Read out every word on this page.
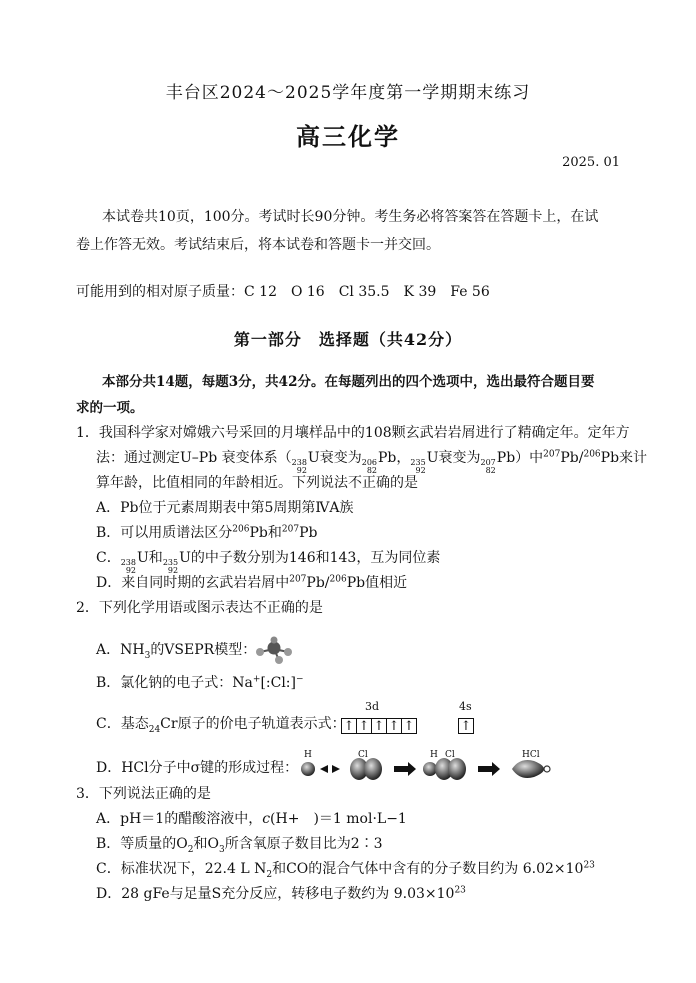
丰台区2024～2025学年度第一学期期末练习
高三化学
2025. 01
本试卷共10页，100分。考试时长90分钟。考生务必将答案答在答题卡上，在试
卷上作答无效。考试结束后，将本试卷和答题卡一并交回。
可能用到的相对原子质量：C 12　O 16　Cl 35.5　K 39　Fe 56
第一部分　选择题（共42分）
本部分共14题，每题3分，共42分。在每题列出的四个选项中，选出最符合题目要
求的一项。
1．我国科学家对嫦娥六号采回的月壤样品中的108颗玄武岩岩屑进行了精确定年。定年方
法：通过测定U–Pb 衰变体系（ 238
92
U衰变为 206
82
Pb， 235
92
U衰变为 207
82
Pb）中$^{207}$Pb/$^{206}$Pb来计
算年龄，比值相同的年龄相近。下列说法不正确的是
A．Pb位于元素周期表中第5周期第ⅣA族
B．可以用质谱法区分$^{206}$Pb和$^{207}$Pb
C． 238
92
U和 235
92
U的中子数分别为146和143，互为同位素
D．来自同时期的玄武岩岩屑中$^{207}$Pb/$^{206}$Pb值相近
2．下列化学用语或图示表达不正确的是
A．$NH_3$的VSEPR模型：
B．氯化钠的电子式：Na+[:Cl:]−
3d	4s
C．基态$_{24}$Cr原子的价电子轨道表示式：
↑ ↑ ↑ ↑ ↑	↑
H	Cl	H Cl	HCl
D．HCl分子中σ键的形成过程：
3．下列说法正确的是
A．pH＝1的醋酸溶液中，c(H+　)＝1 mol·L−1
B．等质量的$O_2$和$O_3$所含氧原子数目比为2∶3
C．标准状况下，22.4 L $N_2$和CO的混合气体中含有的分子数目约为 $6.02\times 10^{23}$
D．28 gFe与足量S充分反应，转移电子数约为 $9.03\times 10^{23}$
